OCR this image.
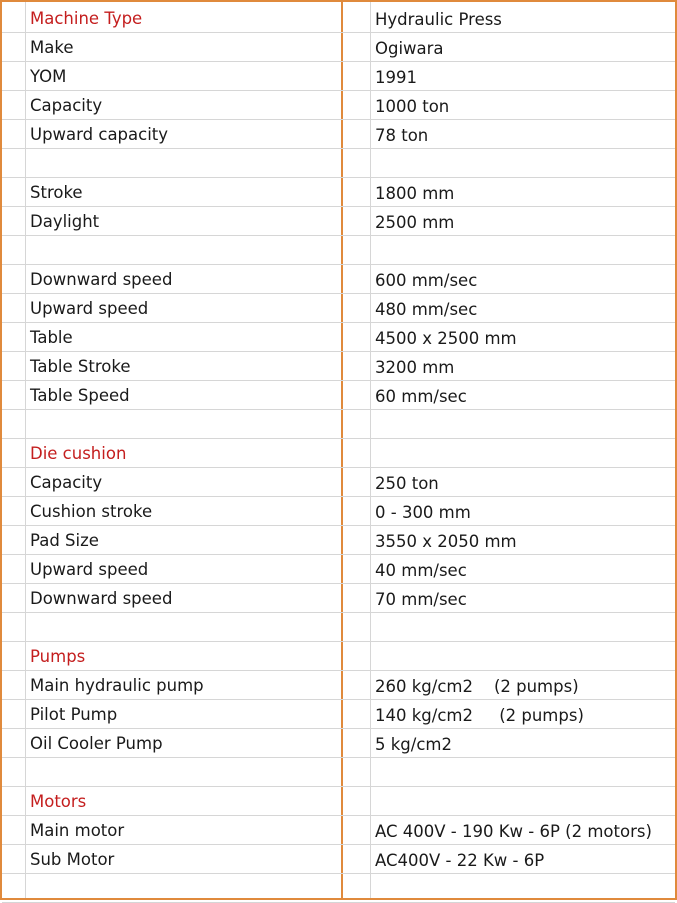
Machine Type	Hydraulic Press
Make	Ogiwara
YOM	1991
Capacity	1000 ton
Upward capacity	78 ton
Stroke	1800 mm
Daylight	2500 mm
Downward speed	600 mm/sec
Upward speed	480 mm/sec
Table	4500 x 2500 mm
Table Stroke	3200 mm
Table Speed	60 mm/sec
Die cushion
Capacity	250 ton
Cushion stroke	0 - 300 mm
Pad Size	3550 x 2050 mm
Upward speed	40 mm/sec
Downward speed	70 mm/sec
Pumps
Main hydraulic pump	260 kg/cm2    (2 pumps)
Pilot Pump	140 kg/cm2     (2 pumps)
Oil Cooler Pump	5 kg/cm2
Motors
Main motor	AC 400V - 190 Kw - 6P (2 motors)
Sub Motor	AC400V - 22 Kw - 6P
